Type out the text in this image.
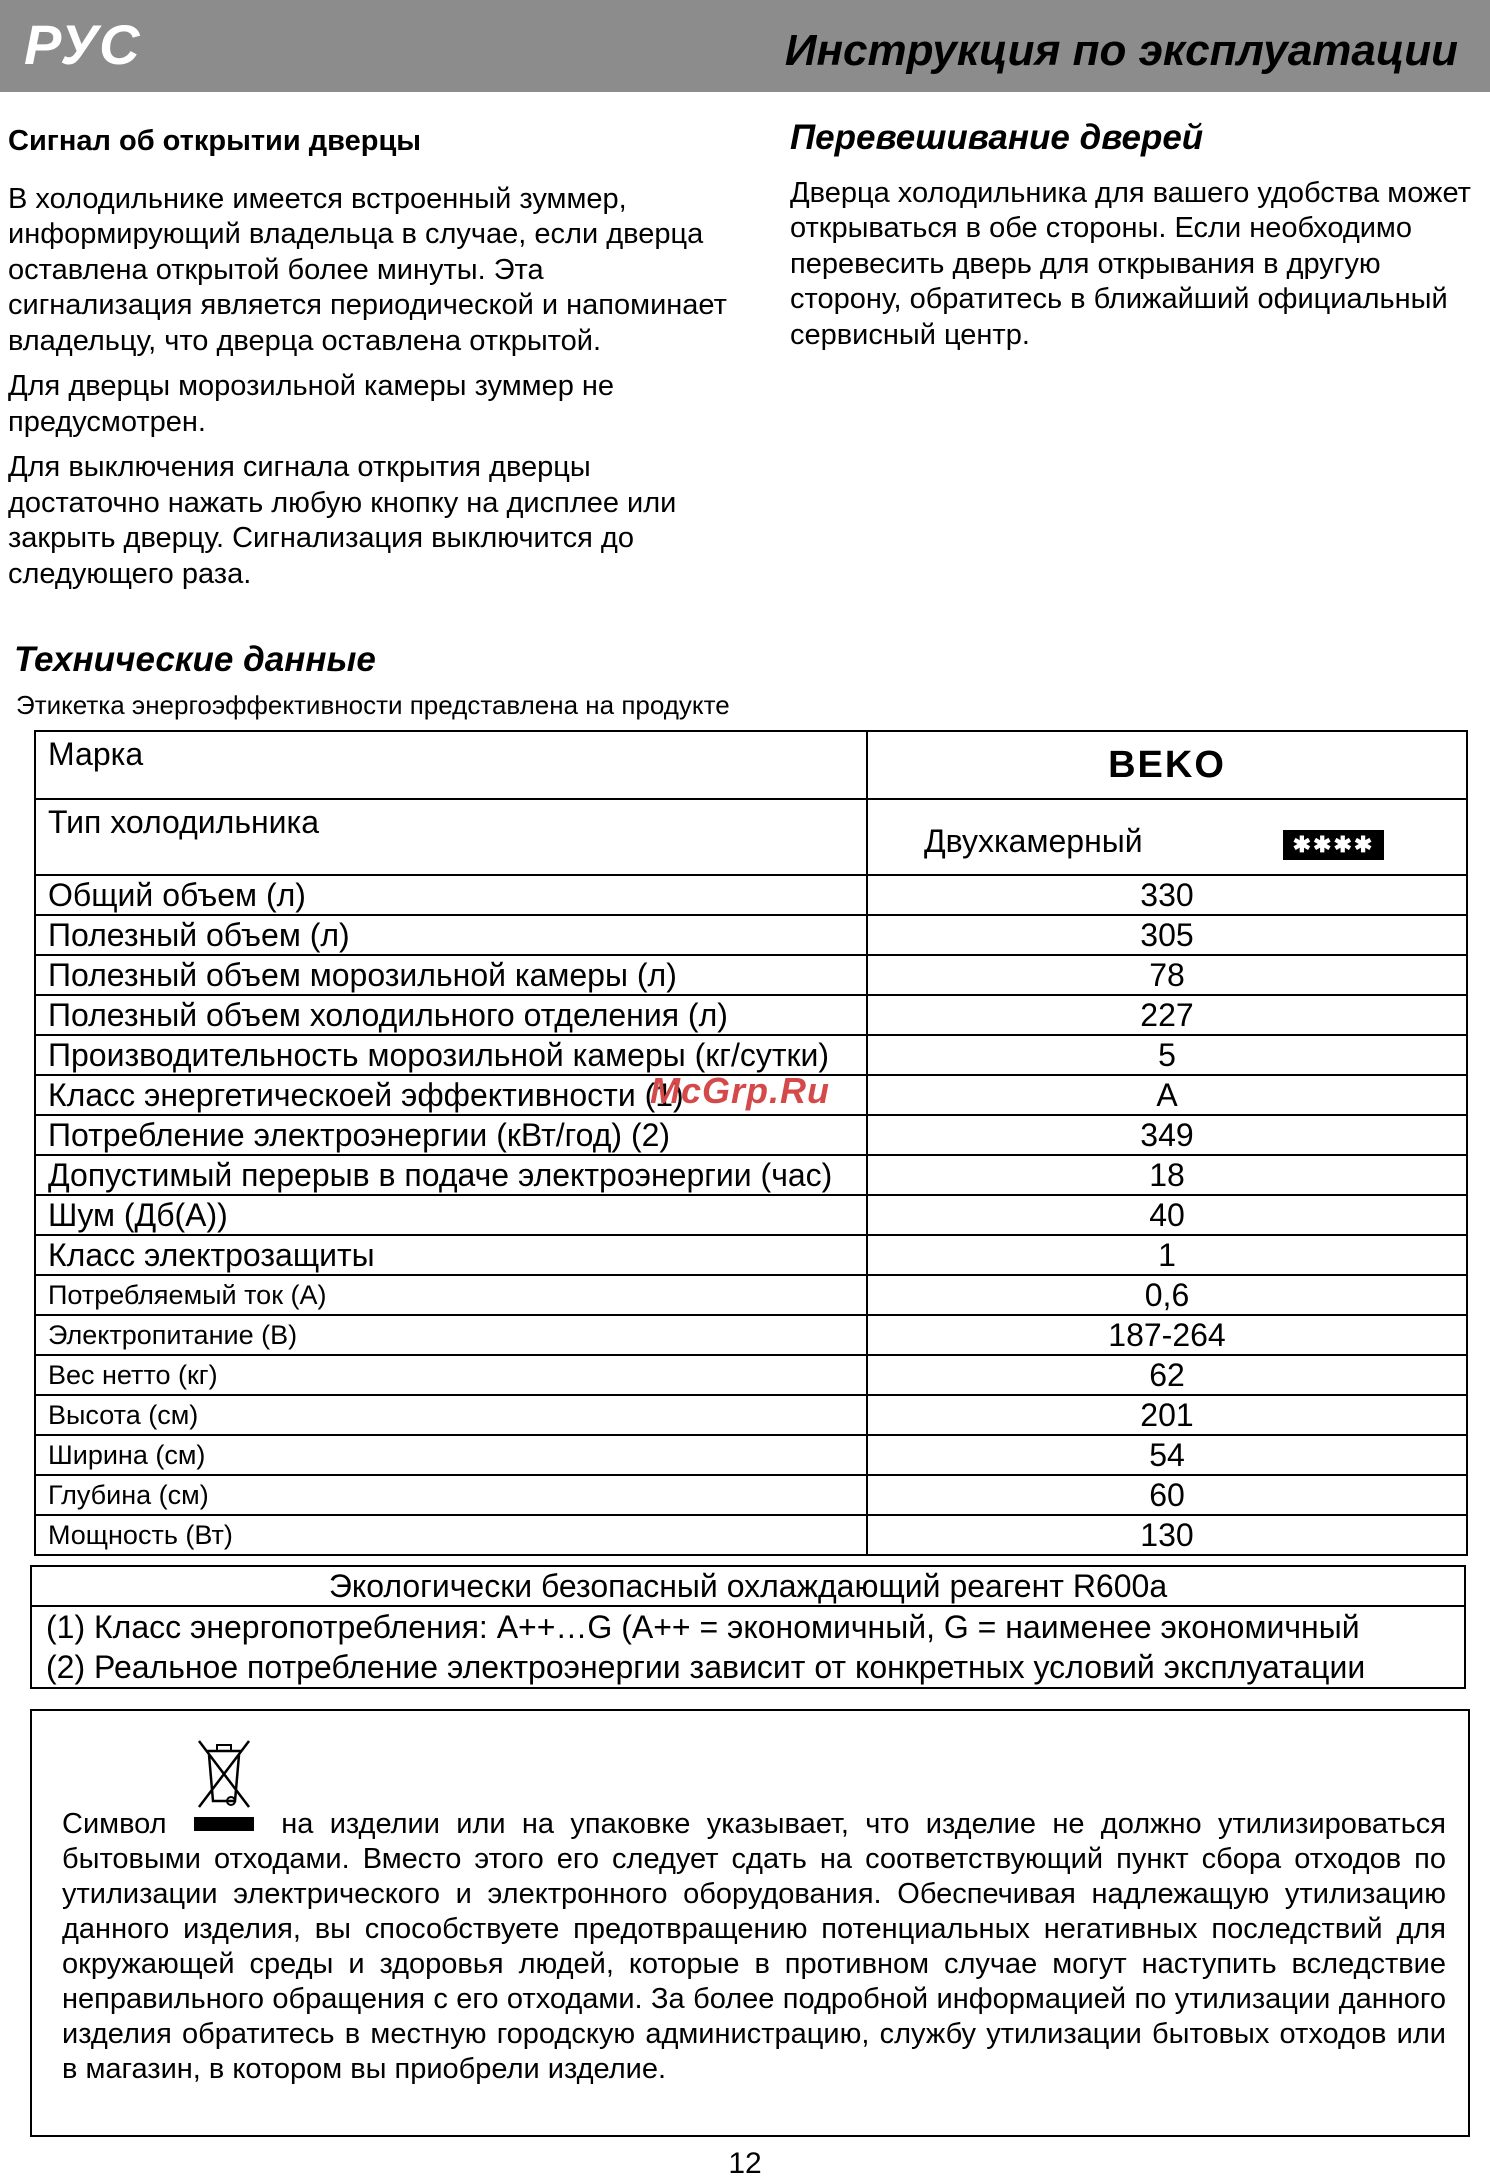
РУС	Инструкция по эксплуатации
Сигнал об открытии дверцы

В холодильнике имеется встроенный зуммер, информирующий владельца в случае, если дверца оставлена открытой более минуты. Эта сигнализация является периодической и напоминает владельцу, что дверца оставлена открытой.

Для дверцы морозильной камеры зуммер не предусмотрен.

Для выключения сигнала открытия дверцы достаточно нажать любую кнопку на дисплее или закрыть дверцу. Сигнализация выключится до следующего раза.

Перевешивание дверей

Дверца холодильника для вашего удобства может открываться в обе стороны. Если необходимо перевесить дверь для открывания в другую сторону, обратитесь в ближайший официальный сервисный центр.

Технические данные
Этикетка энергоэффективности представлена на продукте
Марка	BEKO
Тип холодильника	Двухкамерный ✱✱✱✱
Общий объем (л)	330
Полезный объем (л)	305
Полезный объем морозильной камеры (л)	78
Полезный объем холодильного отделения (л)	227
Производительность морозильной камеры (кг/сутки)	5
Класс энергетическоей эффективности (1)	A
Потребление электроэнергии (кВт/год) (2)	349
Допустимый перерыв в подаче электроэнергии (час)	18
Шум (Дб(А))	40
Класс электрозащиты	1
Потребляемый ток (А)	0,6
Электропитание (В)	187-264
Вес нетто (кг)	62
Высота (см)	201
Ширина (см)	54
Глубина (см)	60
Мощность (Вт)	130
McGrp.Ru
Экологически безопасный охлаждающий реагент R600a
(1) Класс энергопотребления: A++…G (A++ = экономичный, G = наименее экономичный
(2) Реальное потребление электроэнергии зависит от конкретных условий эксплуатации
Символ	на изделии или на упаковке указывает, что изделие не должно утилизироваться бытовыми отходами. Вместо этого его следует сдать на соответствующий пункт сбора отходов по утилизации электрического и электронного оборудования. Обеспечивая надлежащую утилизацию данного изделия, вы способствуете предотвращению потенциальных негативных последствий для окружающей среды и здоровья людей, которые в противном случае могут наступить вследствие неправильного обращения с его отходами. За более подробной информацией по утилизации данного изделия обратитесь в местную городскую администрацию, службу утилизации бытовых отходов или в магазин, в котором вы приобрели изделие.
12
